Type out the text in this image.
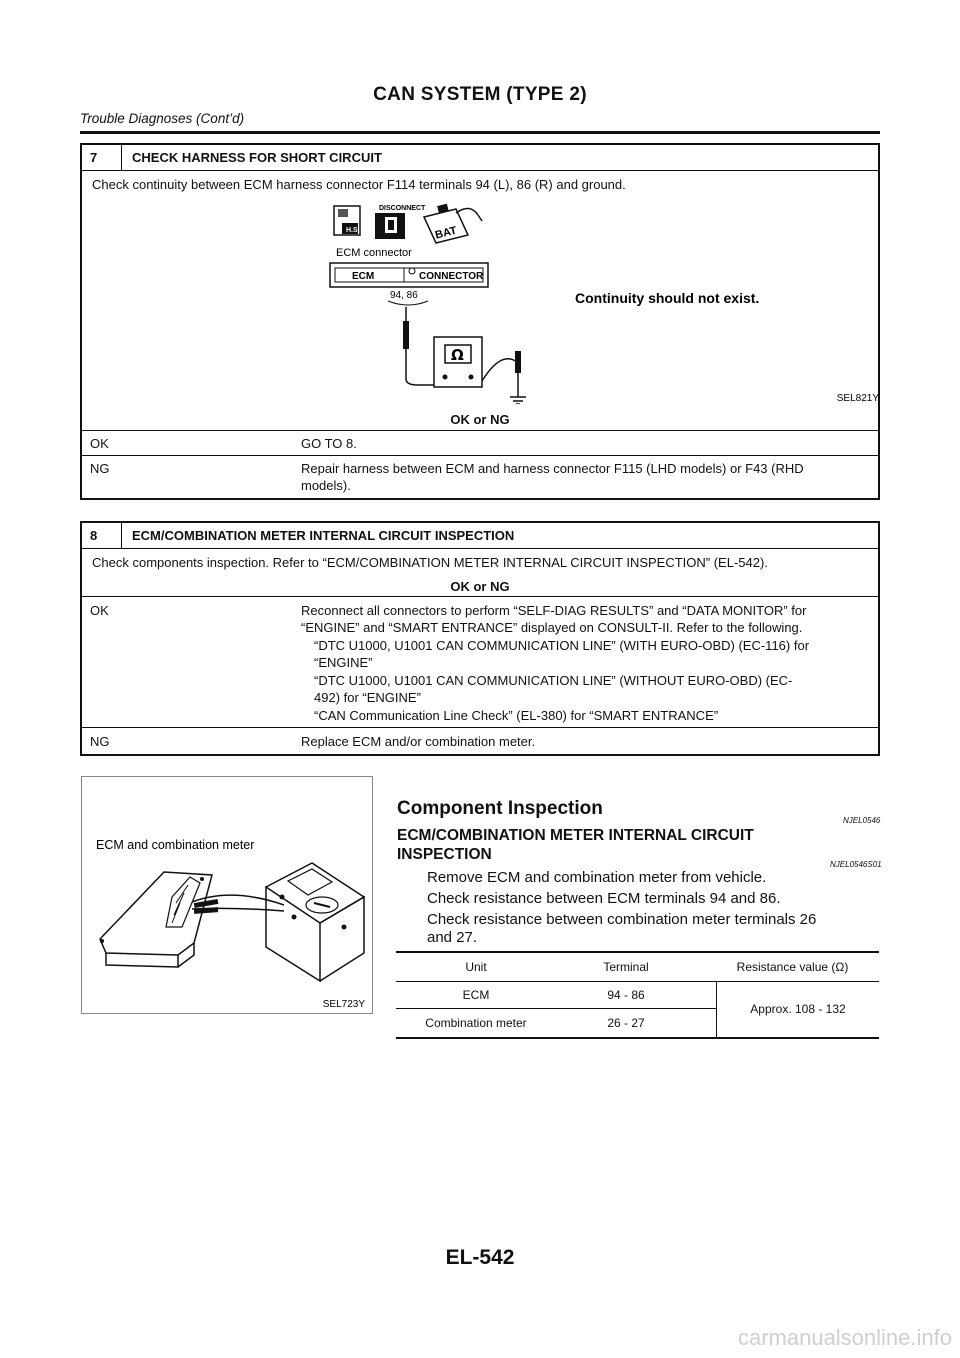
CAN SYSTEM (TYPE 2)
Trouble Diagnoses (Cont’d)
7	CHECK HARNESS FOR SHORT CIRCUIT
Check continuity between ECM harness connector F114 terminals 94 (L), 86 (R) and ground.
H.S.
DISCONNECT
BAT
ECM connector
ECM	CONNECTOR
94, 86
Ω
Continuity should not exist.
SEL821Y
OK or NG
OK	GO TO 8.
NG	Repair harness between ECM and harness connector F115 (LHD models) or F43 (RHD
models).
8	ECM/COMBINATION METER INTERNAL CIRCUIT INSPECTION
Check components inspection. Refer to “ECM/COMBINATION METER INTERNAL CIRCUIT INSPECTION” (EL-542).
OK or NG
OK	Reconnect all connectors to perform “SELF-DIAG RESULTS” and “DATA MONITOR” for
“ENGINE” and “SMART ENTRANCE” displayed on CONSULT-II. Refer to the following.
“DTC U1000, U1001 CAN COMMUNICATION LINE” (WITH EURO-OBD) (EC-116) for
“ENGINE”
“DTC U1000, U1001 CAN COMMUNICATION LINE” (WITHOUT EURO-OBD) (EC-
492) for “ENGINE”
“CAN Communication Line Check” (EL-380) for “SMART ENTRANCE”
NG	Replace ECM and/or combination meter.
ECM and combination meter
SEL723Y
Component Inspection
NJEL0546
ECM/COMBINATION METER INTERNAL CIRCUIT
INSPECTION
NJEL0546S01
Remove ECM and combination meter from vehicle.
Check resistance between ECM terminals 94 and 86.
Check resistance between combination meter terminals 26
and 27.
Unit	Terminal	Resistance value (Ω)
ECM	94 - 86
Combination meter	26 - 27
Approx. 108 - 132
EL-542
carmanualsonline.info
